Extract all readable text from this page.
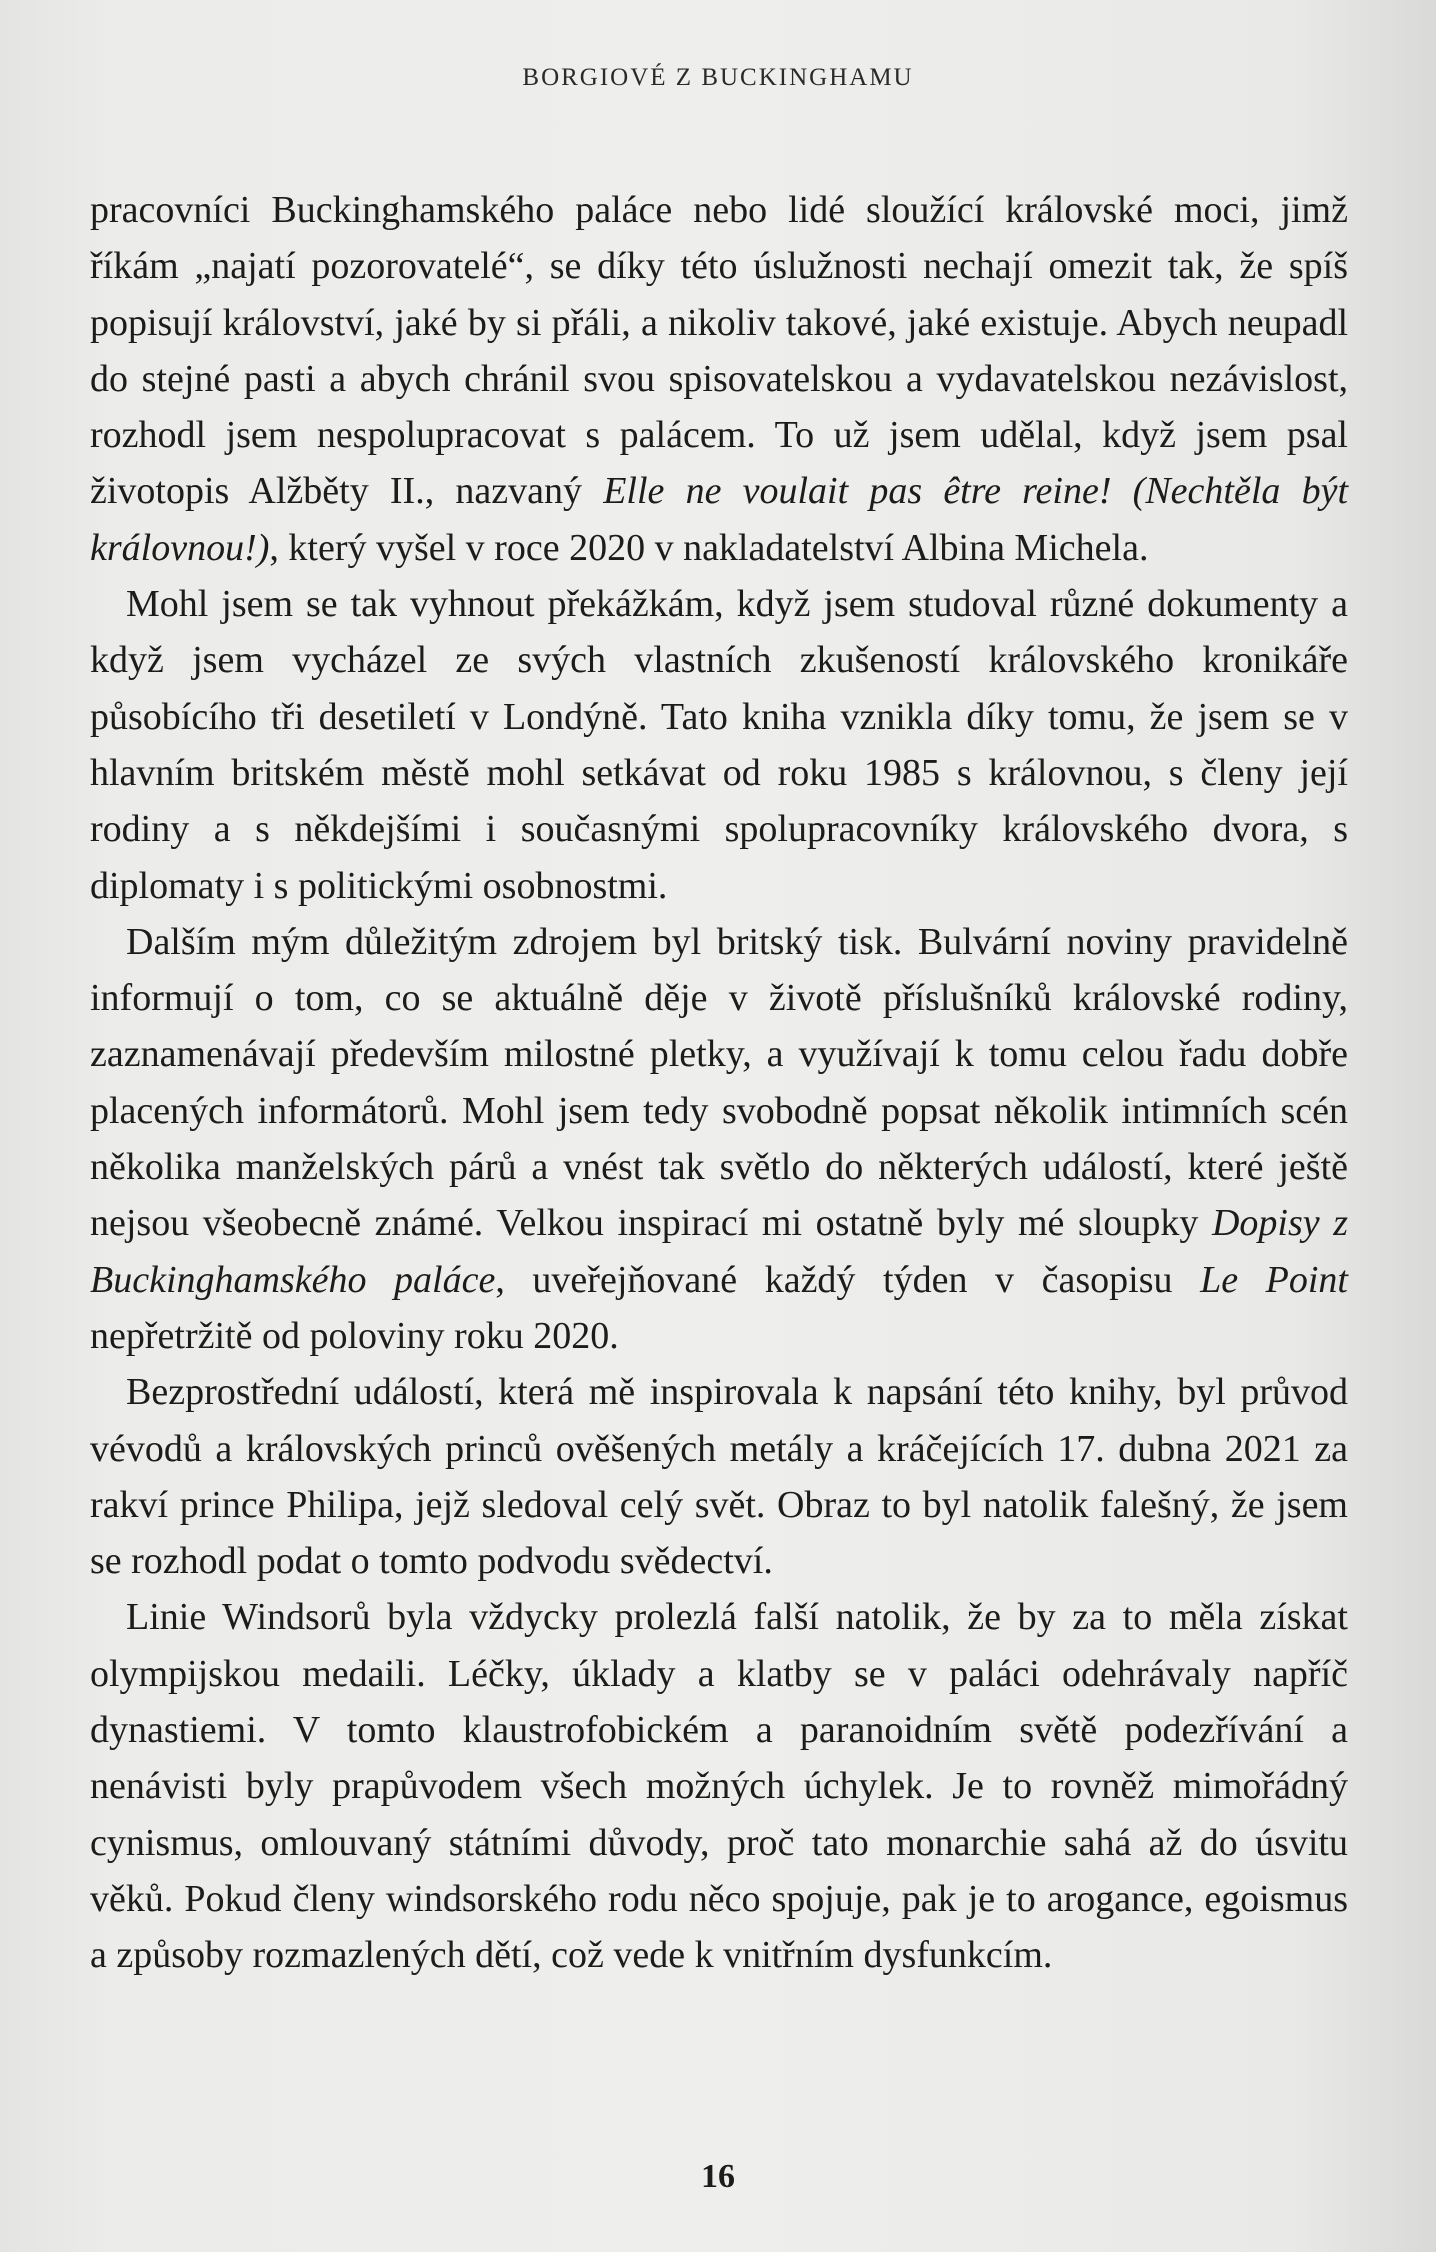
BORGIOVÉ Z BUCKINGHAMU

pracovníci Buckinghamského paláce nebo lidé sloužící královské moci, jimž říkám „najatí pozorovatelé“, se díky této úslužnosti nechají omezit tak, že spíš popisují království, jaké by si přáli, a nikoliv takové, jaké existuje. Abych neupadl do stejné pasti a abych chránil svou spisovatelskou a vydavatelskou nezávislost, rozhodl jsem nespolupracovat s palácem. To už jsem udělal, když jsem psal životopis Alžběty II., nazvaný Elle ne voulait pas être reine! (Nechtěla být královnou!), který vyšel v roce 2020 v nakladatelství Albina Michela.

Mohl jsem se tak vyhnout překážkám, když jsem studoval různé dokumenty a když jsem vycházel ze svých vlastních zkušeností královského kronikáře působícího tři desetiletí v Londýně. Tato kniha vznikla díky tomu, že jsem se v hlavním britském městě mohl setkávat od roku 1985 s královnou, s členy její rodiny a s někdejšími i současnými spolupracovníky královského dvora, s diplomaty i s politickými osobnostmi.

Dalším mým důležitým zdrojem byl britský tisk. Bulvární noviny pravidelně informují o tom, co se aktuálně děje v životě příslušníků královské rodiny, zaznamenávají především milostné pletky, a využívají k tomu celou řadu dobře placených informátorů. Mohl jsem tedy svobodně popsat několik intimních scén několika manželských párů a vnést tak světlo do některých událostí, které ještě nejsou všeobecně známé. Velkou inspirací mi ostatně byly mé sloupky Dopisy z Buckinghamského paláce, uveřejňované každý týden v časopisu Le Point nepřetržitě od poloviny roku 2020.

Bezprostřední událostí, která mě inspirovala k napsání této knihy, byl průvod vévodů a královských princů ověšených metály a kráčejících 17. dubna 2021 za rakví prince Philipa, jejž sledoval celý svět. Obraz to byl natolik falešný, že jsem se rozhodl podat o tomto podvodu svědectví.

Linie Windsorů byla vždycky prolezlá falší natolik, že by za to měla získat olympijskou medaili. Léčky, úklady a klatby se v paláci odehrávaly napříč dynastiemi. V tomto klaustrofobickém a paranoidním světě podezřívání a nenávisti byly prapůvodem všech možných úchylek. Je to rovněž mimořádný cynismus, omlouvaný státními důvody, proč tato monarchie sahá až do úsvitu věků. Pokud členy windsorského rodu něco spojuje, pak je to arogance, egoismus a způsoby rozmazlených dětí, což vede k vnitřním dysfunkcím.

16
